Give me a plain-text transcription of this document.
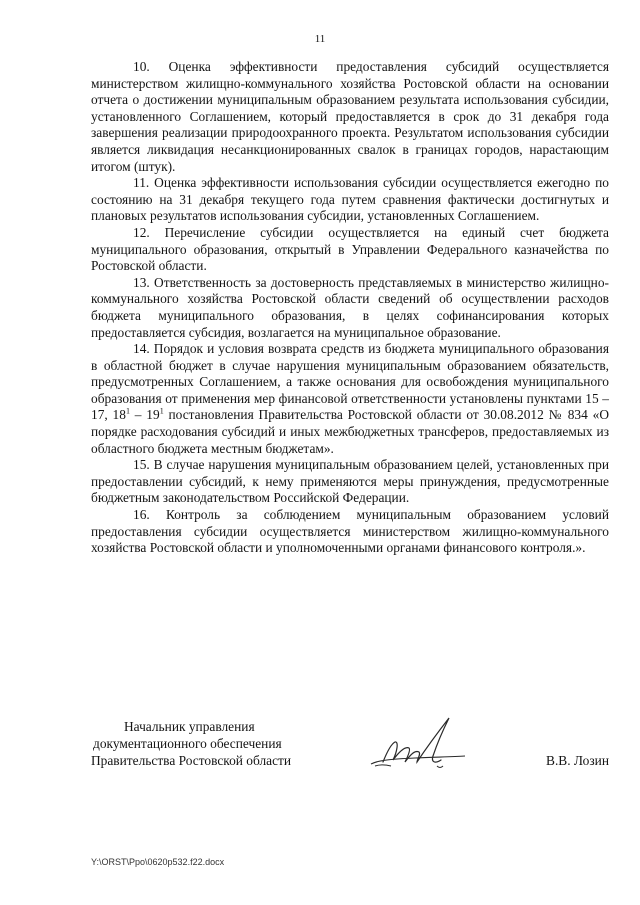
11

10. Оценка эффективности предоставления субсидий осуществляется министерством жилищно-коммунального хозяйства Ростовской области на основании отчета о достижении муниципальным образованием результата использования субсидии, установленного Соглашением, который предоставляется в срок до 31 декабря года завершения реализации природоохранного проекта. Результатом использования субсидии является ликвидация несанкционированных свалок в границах городов, нарастающим итогом (штук).

11. Оценка эффективности использования субсидии осуществляется ежегодно по состоянию на 31 декабря текущего года путем сравнения фактически достигнутых и плановых результатов использования субсидии, установленных Соглашением.

12. Перечисление субсидии осуществляется на единый счет бюджета муниципального образования, открытый в Управлении Федерального казначейства по Ростовской области.

13. Ответственность за достоверность представляемых в министерство жилищно-коммунального хозяйства Ростовской области сведений об осуществлении расходов бюджета муниципального образования, в целях софинансирования которых предоставляется субсидия, возлагается на муниципальное образование.

14. Порядок и условия возврата средств из бюджета муниципального образования в областной бюджет в случае нарушения муниципальным образованием обязательств, предусмотренных Соглашением, а также основания для освобождения муниципального образования от применения мер финансовой ответственности установлены пунктами 15 – 17, $18^1 - 19^1$ постановления Правительства Ростовской области от 30.08.2012 № 834 «О порядке расходования субсидий и иных межбюджетных трансферов, предоставляемых из областного бюджета местным бюджетам».

15. В случае нарушения муниципальным образованием целей, установленных при предоставлении субсидий, к нему применяются меры принуждения, предусмотренные бюджетным законодательством Российской Федерации.

16. Контроль за соблюдением муниципальным образованием условий предоставления субсидии осуществляется министерством жилищно-коммунального хозяйства Ростовской области и уполномоченными органами финансового контроля.».

Начальник управления
документационного обеспечения
Правительства Ростовской области	В.В. Лозин
Y:\ORST\Ppo\0620p532.f22.docx
